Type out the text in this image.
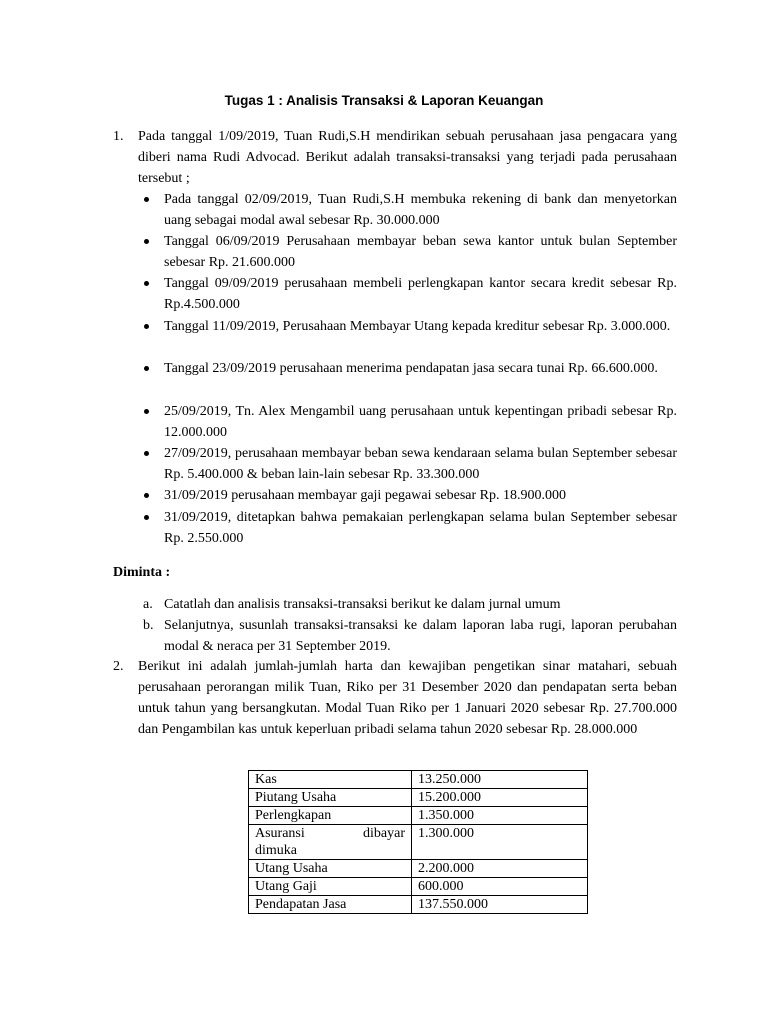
Tugas 1 : Analisis Transaksi & Laporan Keuangan
1. Pada tanggal 1/09/2019, Tuan Rudi,S.H mendirikan sebuah perusahaan jasa pengacara yang diberi nama Rudi Advocad. Berikut adalah transaksi-transaksi yang terjadi pada perusahaan tersebut ;
Pada tanggal 02/09/2019, Tuan Rudi,S.H membuka rekening di bank dan menyetorkan uang sebagai modal awal sebesar Rp. 30.000.000
Tanggal 06/09/2019 Perusahaan membayar beban sewa kantor untuk bulan September sebesar Rp. 21.600.000
Tanggal 09/09/2019 perusahaan membeli perlengkapan kantor secara kredit sebesar Rp. Rp.4.500.000
Tanggal 11/09/2019, Perusahaan Membayar Utang kepada kreditur sebesar Rp. 3.000.000.
Tanggal 23/09/2019 perusahaan menerima pendapatan jasa secara tunai Rp. 66.600.000.
25/09/2019, Tn. Alex Mengambil uang perusahaan untuk kepentingan pribadi sebesar Rp. 12.000.000
27/09/2019, perusahaan membayar beban sewa kendaraan selama bulan September sebesar Rp. 5.400.000 & beban lain-lain sebesar Rp. 33.300.000
31/09/2019 perusahaan membayar gaji pegawai sebesar Rp. 18.900.000
31/09/2019, ditetapkan bahwa pemakaian perlengkapan selama bulan September sebesar Rp. 2.550.000
Diminta :
a. Catatlah dan analisis transaksi-transaksi berikut ke dalam jurnal umum
b. Selanjutnya, susunlah transaksi-transaksi ke dalam laporan laba rugi, laporan perubahan modal & neraca per 31 September 2019.
2. Berikut ini adalah jumlah-jumlah harta dan kewajiban pengetikan sinar matahari, sebuah perusahaan perorangan milik Tuan, Riko per 31 Desember 2020 dan pendapatan serta beban untuk tahun yang bersangkutan. Modal Tuan Riko per 1 Januari 2020 sebesar Rp. 27.700.000 dan Pengambilan kas untuk keperluan pribadi selama tahun 2020 sebesar Rp. 28.000.000
Kas	13.250.000
Piutang Usaha	15.200.000
Perlengkapan	1.350.000

Asuransi dibayar
dimuka	1.300.000
Utang Usaha	2.200.000
Utang Gaji	600.000
Pendapatan Jasa	137.550.000
